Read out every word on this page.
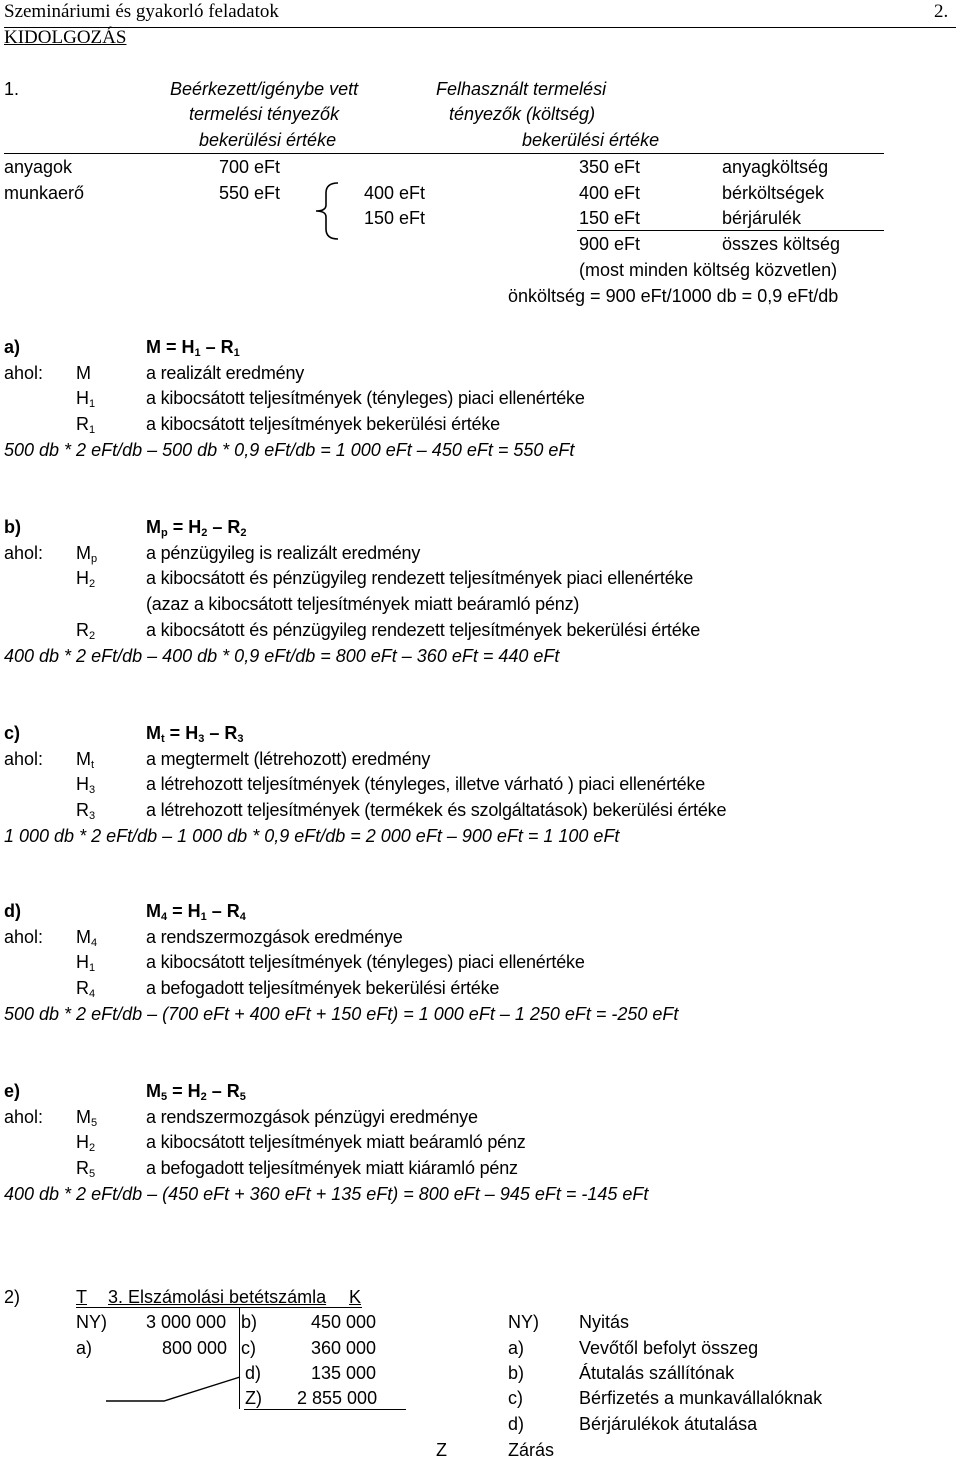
Szemináriumi és gyakorló feladatok	2.
KIDOLGOZÁS
1.	Beérkezett/igénybe vett
termelési tényezők
bekerülési értéke
Felhasznált termelési
tényezők (költség)
bekerülési értéke
anyagok	700 eFt	350 eFt	anyagköltség
munkaerő	550 eFt	400 eFt	400 eFt	bérköltségek
150 eFt	150 eFt	bérjárulék
900 eFt	összes költség
(most minden költség közvetlen)
önköltség = 900 eFt/1000 db = 0,9 eFt/db
a)	$M = H_1 - R_1$
ahol: M	a realizált eredmény
$H_1$	a kibocsátott teljesítmények (tényleges) piaci ellenértéke
$R_1$	a kibocsátott teljesítmények bekerülési értéke
500 db * 2 eFt/db – 500 db * 0,9 eFt/db = 1 000 eFt – 450 eFt = 550 eFt
b)	$M_p = H_2 - R_2$
ahol: $M_p$	a pénzügyileg is realizált eredmény
$H_2$	a kibocsátott és pénzügyileg rendezett teljesítmények piaci ellenértéke
(azaz a kibocsátott teljesítmények miatt beáramló pénz)
$R_2$	a kibocsátott és pénzügyileg rendezett teljesítmények bekerülési értéke
400 db * 2 eFt/db – 400 db * 0,9 eFt/db = 800 eFt – 360 eFt = 440 eFt
c)	$M_t = H_3 - R_3$
ahol: $M_t$	a megtermelt (létrehozott) eredmény
$H_3$	a létrehozott teljesítmények (tényleges, illetve várható ) piaci ellenértéke
$R_3$	a létrehozott teljesítmények (termékek és szolgáltatások) bekerülési értéke
1 000 db * 2 eFt/db – 1 000 db * 0,9 eFt/db = 2 000 eFt – 900 eFt = 1 100 eFt
d)	$M_4 = H_1 - R_4$
ahol: $M_4$	a rendszermozgások eredménye
$H_1$	a kibocsátott teljesítmények (tényleges) piaci ellenértéke
$R_4$	a befogadott teljesítmények bekerülési értéke
500 db * 2 eFt/db – (700 eFt + 400 eFt + 150 eFt) = 1 000 eFt – 1 250 eFt = -250 eFt
e)	$M_5 = H_2 - R_5$
ahol: $M_5$	a rendszermozgások pénzügyi eredménye
$H_2$	a kibocsátott teljesítmények miatt beáramló pénz
$R_5$	a befogadott teljesítmények miatt kiáramló pénz
400 db * 2 eFt/db – (450 eFt + 360 eFt + 135 eFt) = 800 eFt – 945 eFt = -145 eFt
2)	T 3. Elszámolási betétszámla K
NY) 3 000 000
a)	800 000
b)	450 000
c)	360 000
d)	135 000
Z) 2 855 000
NY) Nyitás
a)	Vevőtől befolyt összeg
b)	Átutalás szállítónak
c)	Bérfizetés a munkavállalóknak
d)	Bérjárulékok átutalása
Z	Zárás
